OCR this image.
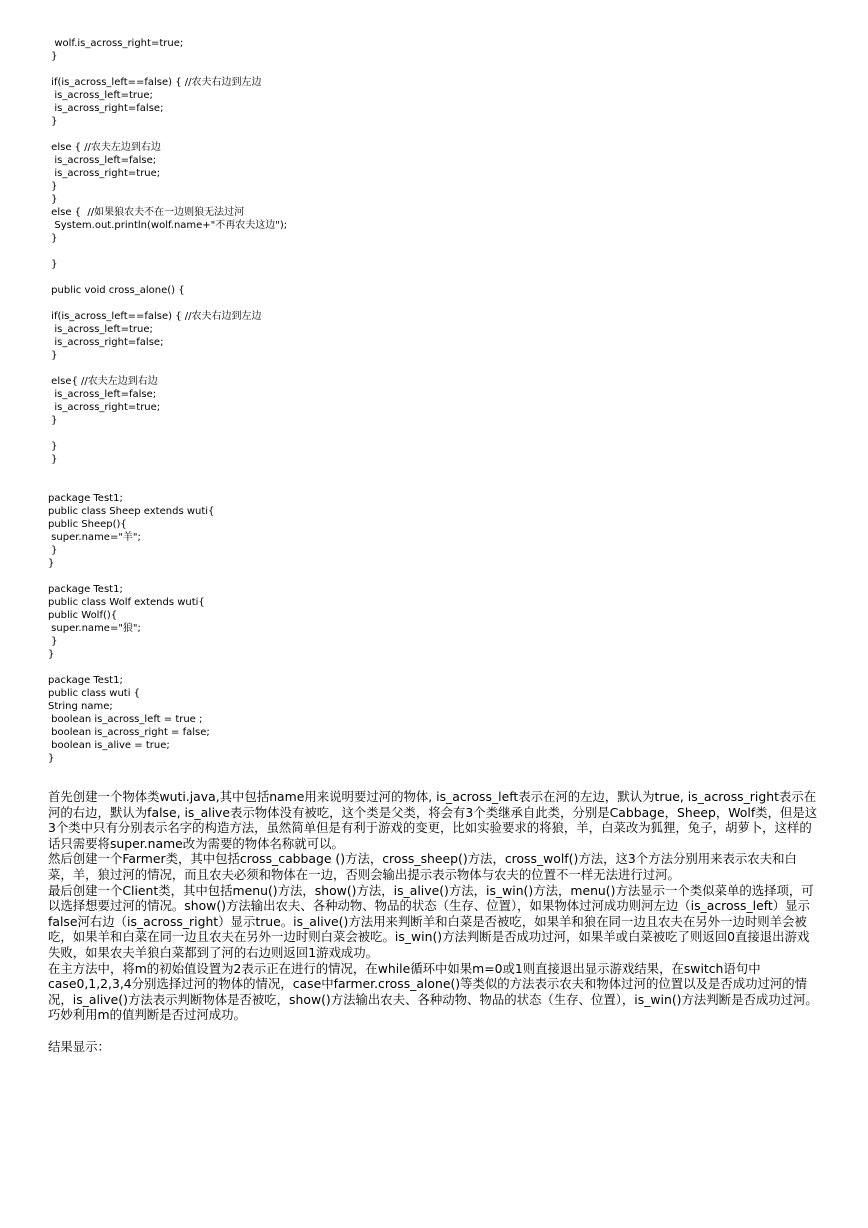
wolf.is_across_right=true;
}
if(is_across_left==false) { //农夫右边到左边
is_across_left=true;
is_across_right=false;
}
else { //农夫左边到右边
is_across_left=false;
is_across_right=true;
}
}
else {  //如果狼农夫不在一边则狼无法过河
System.out.println(wolf.name+"不再农夫这边");
}
}
public void cross_alone() {
if(is_across_left==false) { //农夫右边到左边
is_across_left=true;
is_across_right=false;
}
else{ //农夫左边到右边
is_across_left=false;
is_across_right=true;
}
}
}
package Test1;
public class Sheep extends wuti{
public Sheep(){
super.name="羊";
}
}
package Test1;
public class Wolf extends wuti{
public Wolf(){
super.name="狼";
}
}
package Test1;
public class wuti {
String name;
boolean is_across_left = true ;
boolean is_across_right = false;
boolean is_alive = true;
}

首先创建一个物体类wuti.java,其中包括name用来说明要过河的物体, is_across_left表示在河的左边，默认为true, is_across_right表示在河的右边，默认为false, is_alive表示物体没有被吃，这个类是父类，将会有3个类继承自此类，分别是Cabbage，Sheep，Wolf类，但是这3个类中只有分别表示名字的构造方法，虽然简单但是有利于游戏的变更，比如实验要求的将狼，羊，白菜改为狐狸，兔子，胡萝卜，这样的话只需要将super.name改为需要的物体名称就可以。

然后创建一个Farmer类，其中包括cross_cabbage ()方法，cross_sheep()方法，cross_wolf()方法，这3个方法分别用来表示农夫和白菜，羊，狼过河的情况，而且农夫必须和物体在一边，否则会输出提示表示物体与农夫的位置不一样无法进行过河。

最后创建一个Client类，其中包括menu()方法，show()方法，is_alive()方法，is_win()方法，menu()方法显示一个类似菜单的选择项，可以选择想要过河的情况。show()方法输出农夫、各种动物、物品的状态（生存、位置），如果物体过河成功则河左边（is_across_left）显示false河右边（is_across_right）显示true。is_alive()方法用来判断羊和白菜是否被吃，如果羊和狼在同一边且农夫在另外一边时则羊会被吃，如果羊和白菜在同一边且农夫在另外一边时则白菜会被吃。is_win()方法判断是否成功过河，如果羊或白菜被吃了则返回0直接退出游戏失败，如果农夫羊狼白菜都到了河的右边则返回1游戏成功。

在主方法中，将m的初始值设置为2表示正在进行的情况，在while循环中如果m=0或1则直接退出显示游戏结果，在switch语句中case0,1,2,3,4分别选择过河的物体的情况，case中farmer.cross_alone()等类似的方法表示农夫和物体过河的位置以及是否成功过河的情况，is_alive()方法表示判断物体是否被吃，show()方法输出农夫、各种动物、物品的状态（生存、位置），is_win()方法判断是否成功过河。巧妙利用m的值判断是否过河成功。

结果显示：
